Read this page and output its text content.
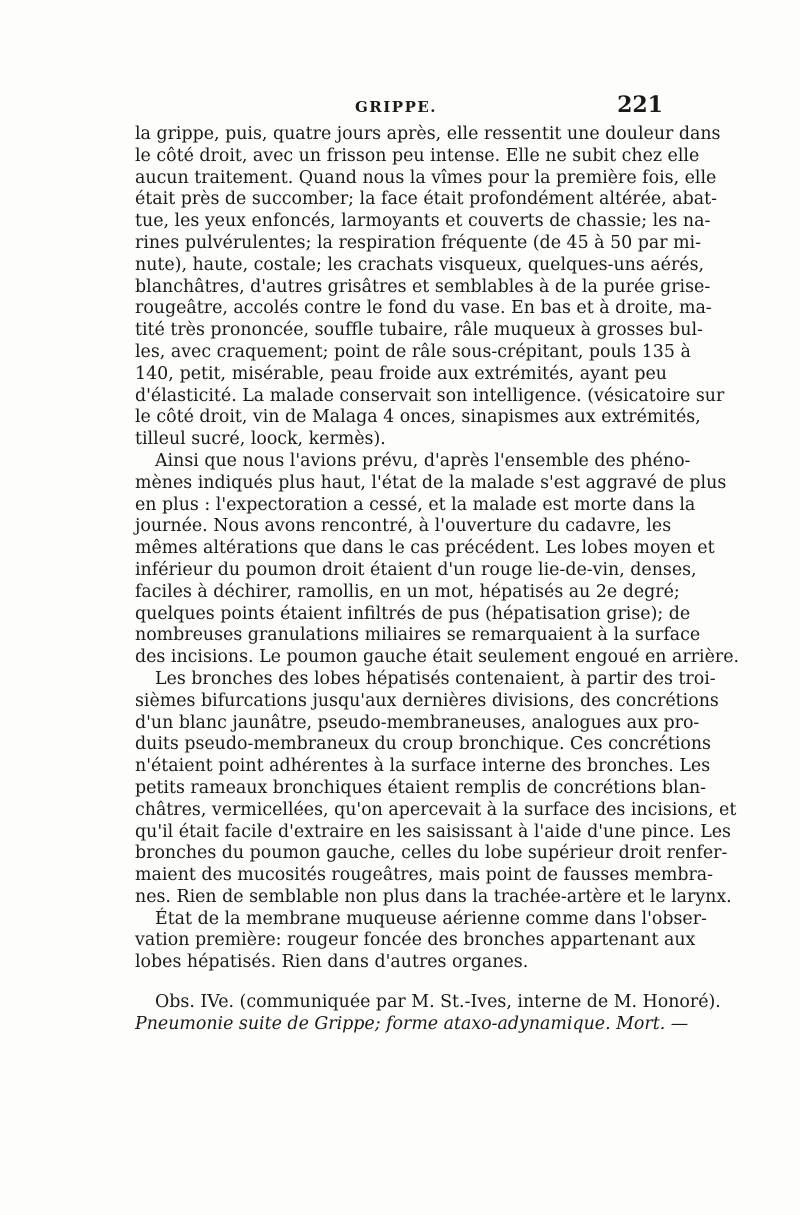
GRIPPE.	221
la grippe, puis, quatre jours après, elle ressentit une douleur dans
le côté droit, avec un frisson peu intense. Elle ne subit chez elle
aucun traitement. Quand nous la vîmes pour la première fois, elle
était près de succomber; la face était profondément altérée, abat-
tue, les yeux enfoncés, larmoyants et couverts de chassie; les na-
rines pulvérulentes; la respiration fréquente (de 45 à 50 par mi-
nute), haute, costale; les crachats visqueux, quelques-uns aérés,
blanchâtres, d'autres grisâtres et semblables à de la purée grise-
rougeâtre, accolés contre le fond du vase. En bas et à droite, ma-
tité très prononcée, souffle tubaire, râle muqueux à grosses bul-
les, avec craquement; point de râle sous-crépitant, pouls 135 à
140, petit, misérable, peau froide aux extrémités, ayant peu
d'élasticité. La malade conservait son intelligence. (vésicatoire sur
le côté droit, vin de Malaga 4 onces, sinapismes aux extrémités,
tilleul sucré, loock, kermès).
Ainsi que nous l'avions prévu, d'après l'ensemble des phéno-
mènes indiqués plus haut, l'état de la malade s'est aggravé de plus
en plus : l'expectoration a cessé, et la malade est morte dans la
journée. Nous avons rencontré, à l'ouverture du cadavre, les
mêmes altérations que dans le cas précédent. Les lobes moyen et
inférieur du poumon droit étaient d'un rouge lie-de-vin, denses,
faciles à déchirer, ramollis, en un mot, hépatisés au 2e degré;
quelques points étaient infiltrés de pus (hépatisation grise); de
nombreuses granulations miliaires se remarquaient à la surface
des incisions. Le poumon gauche était seulement engoué en arrière.
Les bronches des lobes hépatisés contenaient, à partir des troi-
sièmes bifurcations jusqu'aux dernières divisions, des concrétions
d'un blanc jaunâtre, pseudo-membraneuses, analogues aux pro-
duits pseudo-membraneux du croup bronchique. Ces concrétions
n'étaient point adhérentes à la surface interne des bronches. Les
petits rameaux bronchiques étaient remplis de concrétions blan-
châtres, vermicellées, qu'on apercevait à la surface des incisions, et
qu'il était facile d'extraire en les saisissant à l'aide d'une pince. Les
bronches du poumon gauche, celles du lobe supérieur droit renfer-
maient des mucosités rougeâtres, mais point de fausses membra-
nes. Rien de semblable non plus dans la trachée-artère et le larynx.
État de la membrane muqueuse aérienne comme dans l'obser-
vation première: rougeur foncée des bronches appartenant aux
lobes hépatisés. Rien dans d'autres organes.
Obs. IVe. (communiquée par M. St.-Ives, interne de M. Honoré).
Pneumonie suite de Grippe; forme ataxo-adynamique. Mort. —
